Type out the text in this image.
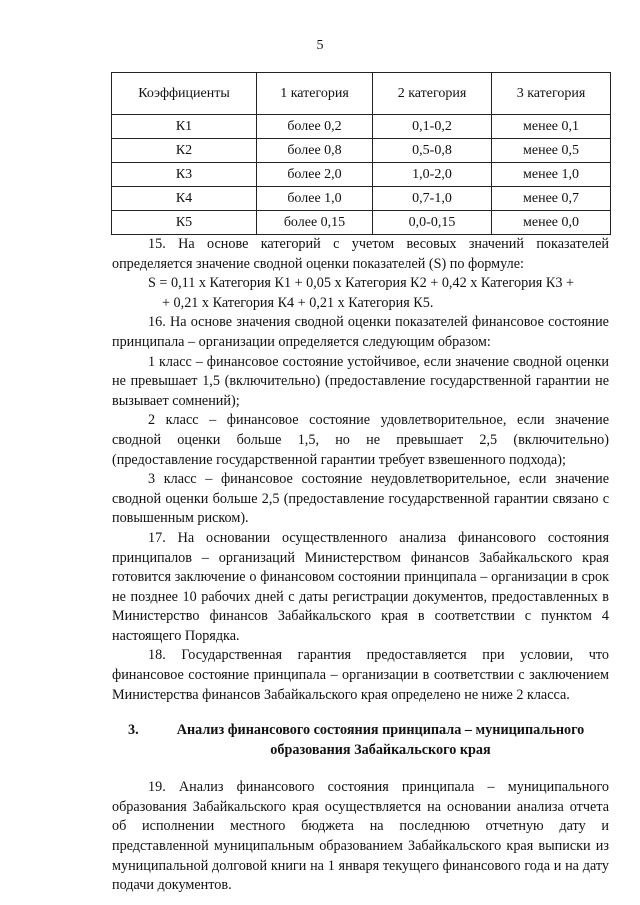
5
Коэффициенты	1 категория	2 категория	3 категория
К1	более 0,2	0,1-0,2	менее 0,1
К2	более 0,8	0,5-0,8	менее 0,5
К3	более 2,0	1,0-2,0	менее 1,0
К4	более 1,0	0,7-1,0	менее 0,7
К5	более 0,15	0,0-0,15	менее 0,0

15. На основе категорий с учетом весовых значений показателей определяется значение сводной оценки показателей (S) по формуле:

S = 0,11 x Категория К1 + 0,05 x Категория К2 + 0,42 x Категория К3 +

+ 0,21 x Категория К4 + 0,21 x Категория К5.

16. На основе значения сводной оценки показателей финансовое состояние принципала – организации определяется следующим образом:

1 класс – финансовое состояние устойчивое, если значение сводной оценки не превышает 1,5 (включительно) (предоставление государственной гарантии не вызывает сомнений);

2 класс – финансовое состояние удовлетворительное, если значение сводной оценки больше 1,5, но не превышает 2,5 (включительно) (предоставление государственной гарантии требует взвешенного подхода);

3 класс – финансовое состояние неудовлетворительное, если значение сводной оценки больше 2,5 (предоставление государственной гарантии связано с повышенным риском).

17. На основании осуществленного анализа финансового состояния принципалов – организаций Министерством финансов Забайкальского края готовится заключение о финансовом состоянии принципала – организации в срок не позднее 10 рабочих дней с даты регистрации документов, предоставленных в Министерство финансов Забайкальского края в соответствии с пунктом 4 настоящего Порядка.

18. Государственная гарантия предоставляется при условии, что финансовое состояние принципала – организации в соответствии с заключением Министерства финансов Забайкальского края определено не ниже 2 класса.

3.	Анализ финансового состояния принципала – муниципального образования Забайкальского края

19. Анализ финансового состояния принципала – муниципального образования Забайкальского края осуществляется на основании анализа отчета об исполнении местного бюджета на последнюю отчетную дату и представленной муниципальным образованием Забайкальского края выписки из муниципальной долговой книги на 1 января текущего финансового года и на дату подачи документов.
